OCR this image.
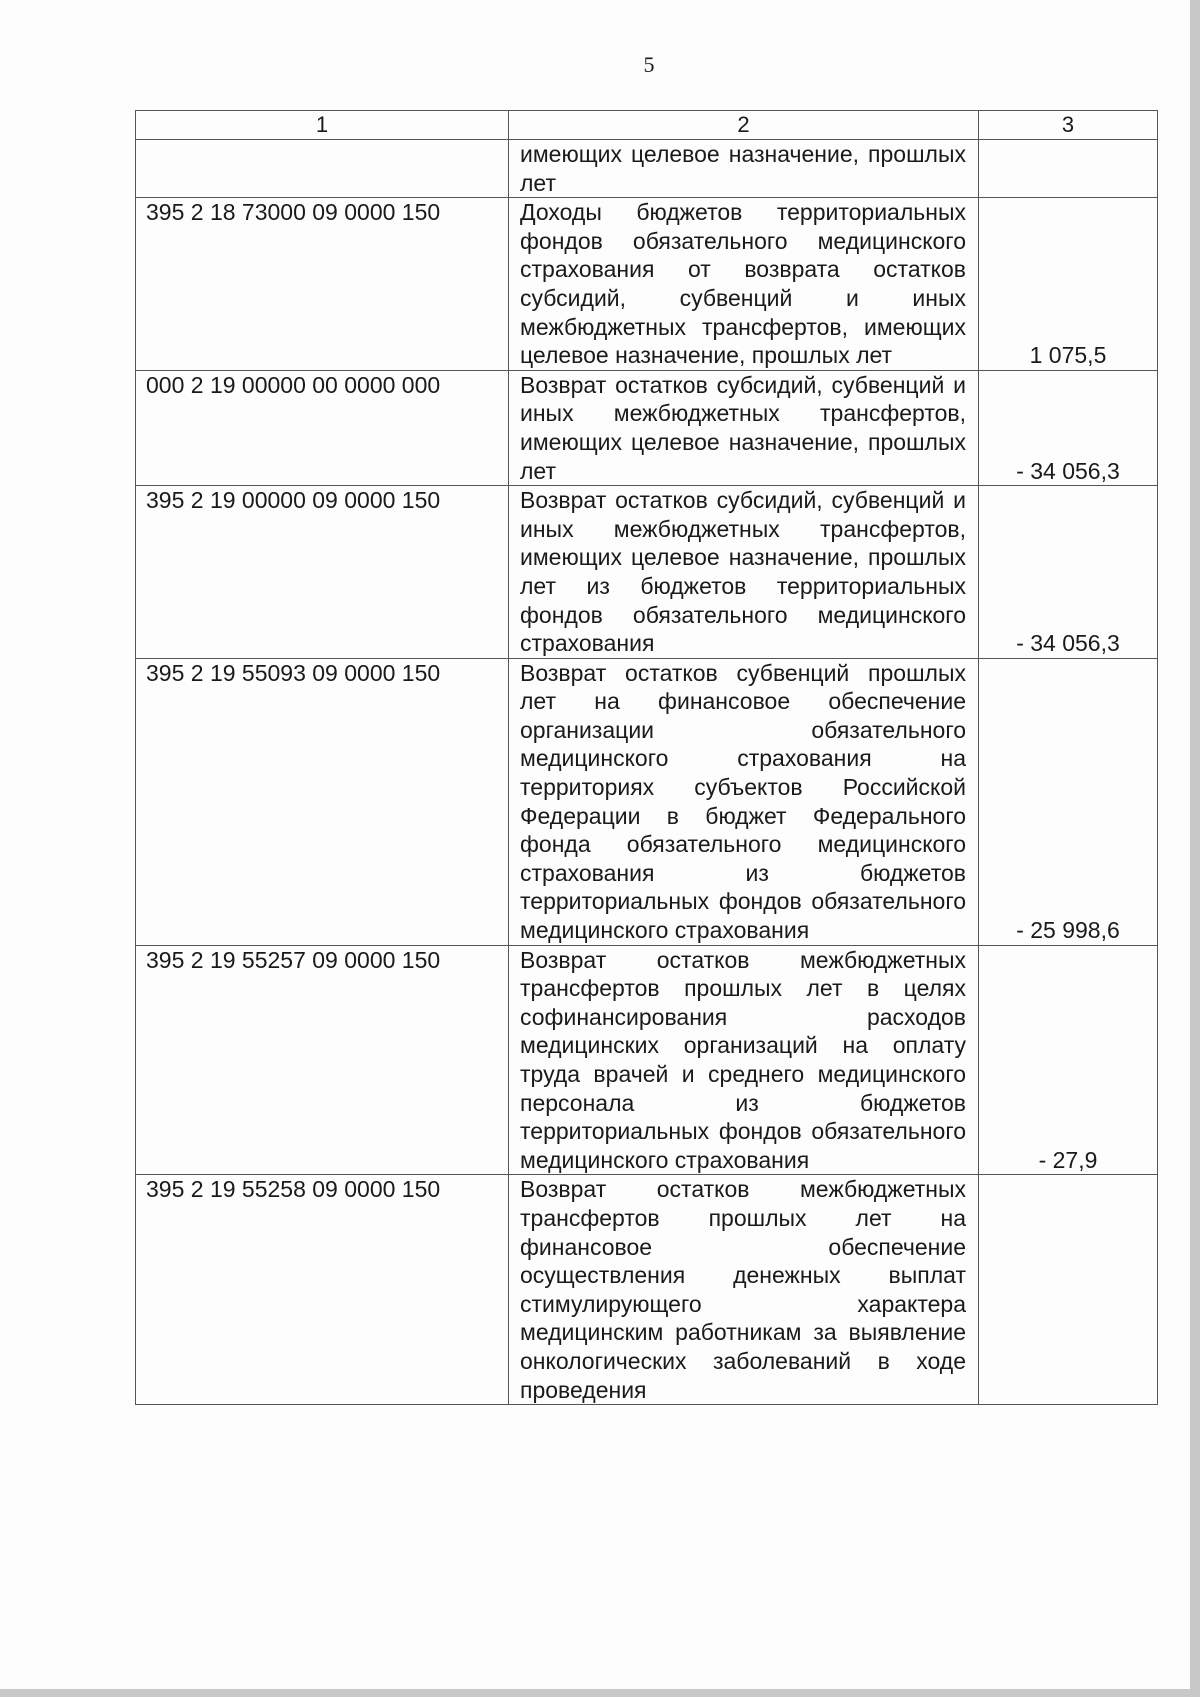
5
1	2	3

	имеющих целевое назначение, прошлых лет	

395 2 18 73000 09 0000 150	Доходы бюджетов территориальных фондов обязательного медицинского страхования от возврата остатков субсидий, субвенций и иных межбюджетных трансфертов, имеющих целевое назначение, прошлых лет	1 075,5
000 2 19 00000 00 0000 000	Возврат остатков субсидий, субвенций и иных межбюджетных трансфертов, имеющих целевое назначение, прошлых лет	- 34 056,3
395 2 19 00000 09 0000 150	Возврат остатков субсидий, субвенций и иных межбюджетных трансфертов, имеющих целевое назначение, прошлых лет из бюджетов территориальных фондов обязательного медицинского страхования	- 34 056,3
395 2 19 55093 09 0000 150	Возврат остатков субвенций прошлых лет на финансовое обеспечение организации обязательного медицинского страхования на территориях субъектов Российской Федерации в бюджет Федерального фонда обязательного медицинского страхования из бюджетов территориальных фондов обязательного медицинского страхования	- 25 998,6
395 2 19 55257 09 0000 150	Возврат остатков межбюджетных трансфертов прошлых лет в целях софинансирования расходов медицинских организаций на оплату труда врачей и среднего медицинского персонала из бюджетов территориальных фондов обязательного медицинского страхования	- 27,9
395 2 19 55258 09 0000 150	Возврат остатков межбюджетных трансфертов прошлых лет на финансовое обеспечение осуществления денежных выплат стимулирующего характера медицинским работникам за выявление онкологических заболеваний в ходе проведения	
